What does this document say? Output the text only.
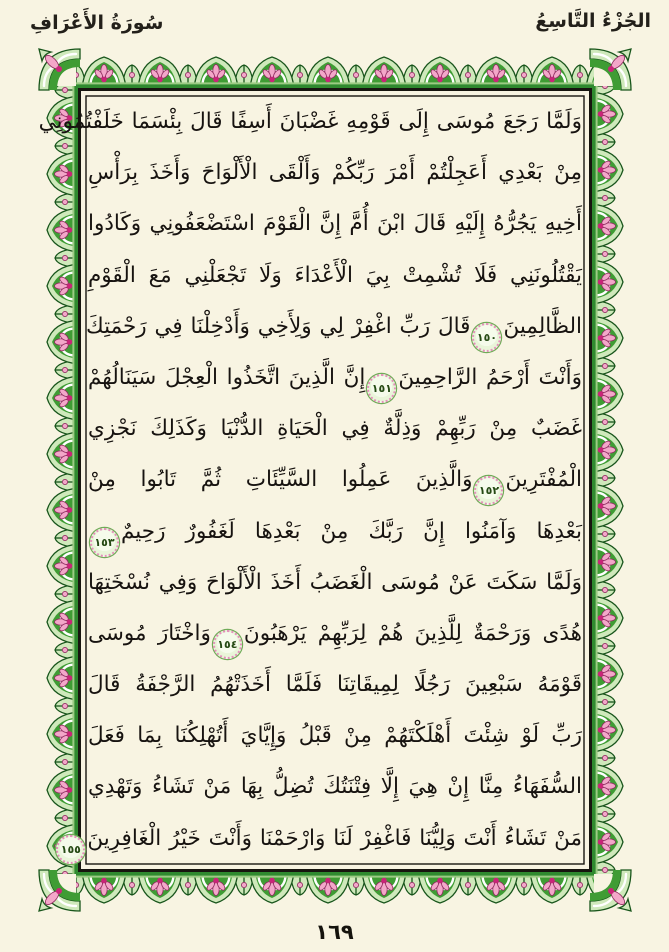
الجُزْءُ التَّاسِعُ
سُورَةُ الأَعْرَافِ
وَلَمَّا رَجَعَ مُوسَى إِلَى قَوْمِهِ غَضْبَانَ أَسِفًا قَالَ بِئْسَمَا خَلَفْتُمُونِي
مِنْ بَعْدِي أَعَجِلْتُمْ أَمْرَ رَبِّكُمْ وَأَلْقَى الْأَلْوَاحَ وَأَخَذَ بِرَأْسِ
أَخِيهِ يَجُرُّهُ إِلَيْهِ قَالَ ابْنَ أُمَّ إِنَّ الْقَوْمَ اسْتَضْعَفُونِي وَكَادُوا
يَقْتُلُونَنِي فَلَا تُشْمِتْ بِيَ الْأَعْدَاءَ وَلَا تَجْعَلْنِي مَعَ الْقَوْمِ
الظَّالِمِينَ
١٥٠
قَالَ رَبِّ اغْفِرْ لِي وَلِأَخِي وَأَدْخِلْنَا فِي رَحْمَتِكَ
وَأَنْتَ أَرْحَمُ الرَّاحِمِينَ
١٥١
إِنَّ الَّذِينَ اتَّخَذُوا الْعِجْلَ سَيَنَالُهُمْ
غَضَبٌ مِنْ رَبِّهِمْ وَذِلَّةٌ فِي الْحَيَاةِ الدُّنْيَا وَكَذَلِكَ نَجْزِي
الْمُفْتَرِينَ
١٥٢
وَالَّذِينَ عَمِلُوا السَّيِّئَاتِ ثُمَّ تَابُوا مِنْ
بَعْدِهَا وَآمَنُوا إِنَّ رَبَّكَ مِنْ بَعْدِهَا لَغَفُورٌ رَحِيمٌ
١٥٣
وَلَمَّا سَكَتَ عَنْ مُوسَى الْغَضَبُ أَخَذَ الْأَلْوَاحَ وَفِي نُسْخَتِهَا
هُدًى وَرَحْمَةٌ لِلَّذِينَ هُمْ لِرَبِّهِمْ يَرْهَبُونَ
١٥٤
وَاخْتَارَ مُوسَى
قَوْمَهُ سَبْعِينَ رَجُلًا لِمِيقَاتِنَا فَلَمَّا أَخَذَتْهُمُ الرَّجْفَةُ قَالَ
رَبِّ لَوْ شِئْتَ أَهْلَكْتَهُمْ مِنْ قَبْلُ وَإِيَّايَ أَتُهْلِكُنَا بِمَا فَعَلَ
السُّفَهَاءُ مِنَّا إِنْ هِيَ إِلَّا فِتْنَتُكَ تُضِلُّ بِهَا مَنْ تَشَاءُ وَتَهْدِي
مَنْ تَشَاءُ أَنْتَ وَلِيُّنَا فَاغْفِرْ لَنَا وَارْحَمْنَا وَأَنْتَ خَيْرُ الْغَافِرِينَ
١٥٥
١٦٩
